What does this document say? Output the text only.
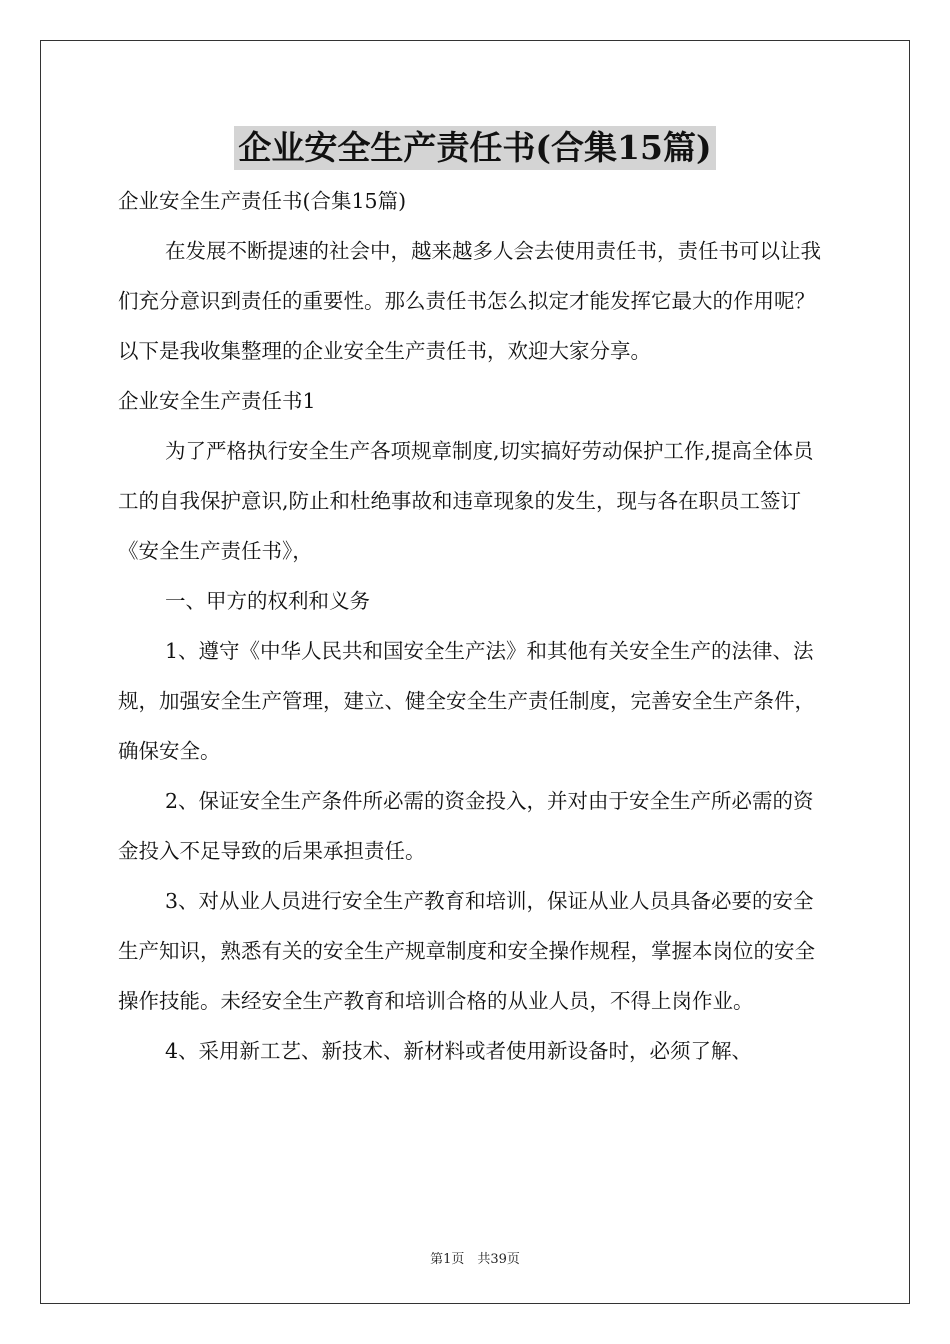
企业安全生产责任书(合集15篇)

企业安全生产责任书(合集15篇)

在发展不断提速的社会中，越来越多人会去使用责任书，责任书可以让我们充分意识到责任的重要性。那么责任书怎么拟定才能发挥它最大的作用呢？以下是我收集整理的企业安全生产责任书，欢迎大家分享。

企业安全生产责任书1

为了严格执行安全生产各项规章制度,切实搞好劳动保护工作,提高全体员工的自我保护意识,防止和杜绝事故和违章现象的发生，现与各在职员工签订《安全生产责任书》，

一、甲方的权利和义务

1、遵守《中华人民共和国安全生产法》和其他有关安全生产的法律、法规，加强安全生产管理，建立、健全安全生产责任制度，完善安全生产条件，确保安全。

2、保证安全生产条件所必需的资金投入，并对由于安全生产所必需的资金投入不足导致的后果承担责任。

3、对从业人员进行安全生产教育和培训，保证从业人员具备必要的安全生产知识，熟悉有关的安全生产规章制度和安全操作规程，掌握本岗位的安全操作技能。未经安全生产教育和培训合格的从业人员，不得上岗作业。

4、采用新工艺、新技术、新材料或者使用新设备时，必须了解、

第1页　共39页
